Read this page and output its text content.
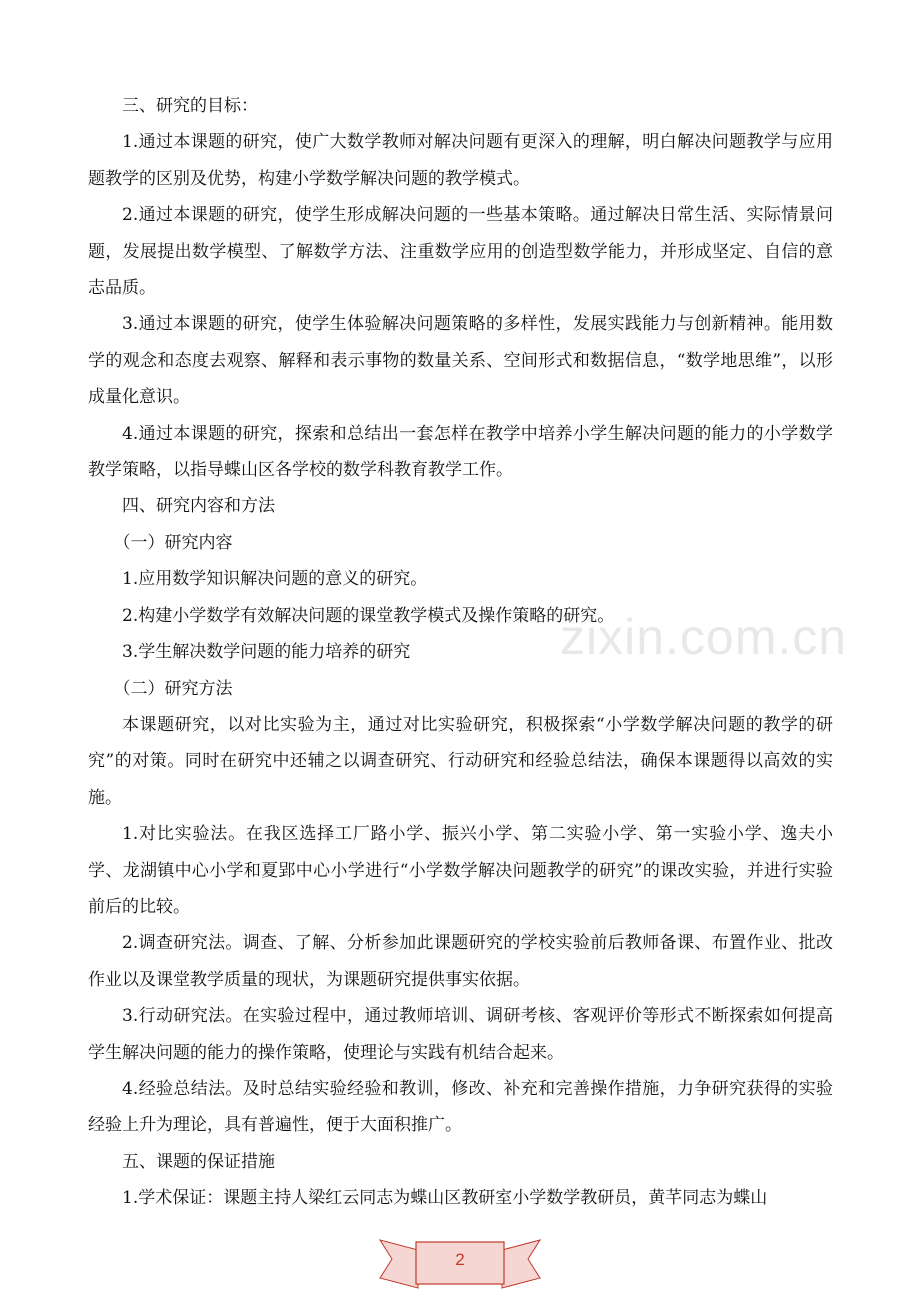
三、研究的目标：

1.通过本课题的研究，使广大数学教师对解决问题有更深入的理解，明白解决问题教学与应用题教学的区别及优势，构建小学数学解决问题的教学模式。

2.通过本课题的研究，使学生形成解决问题的一些基本策略。通过解决日常生活、实际情景问题，发展提出数学模型、了解数学方法、注重数学应用的创造型数学能力，并形成坚定、自信的意志品质。

3.通过本课题的研究，使学生体验解决问题策略的多样性，发展实践能力与创新精神。能用数学的观念和态度去观察、解释和表示事物的数量关系、空间形式和数据信息，“数学地思维”，以形成量化意识。

4.通过本课题的研究，探索和总结出一套怎样在教学中培养小学生解决问题的能力的小学数学教学策略，以指导蝶山区各学校的数学科教育教学工作。

四、研究内容和方法

（一）研究内容

1.应用数学知识解决问题的意义的研究。

2.构建小学数学有效解决问题的课堂教学模式及操作策略的研究。

3.学生解决数学问题的能力培养的研究

（二）研究方法

本课题研究，以对比实验为主，通过对比实验研究，积极探索“小学数学解决问题的教学的研究”的对策。同时在研究中还辅之以调查研究、行动研究和经验总结法，确保本课题得以高效的实施。

1.对比实验法。在我区选择工厂路小学、振兴小学、第二实验小学、第一实验小学、逸夫小学、龙湖镇中心小学和夏郢中心小学进行“小学数学解决问题教学的研究”的课改实验，并进行实验前后的比较。

2.调查研究法。调查、了解、分析参加此课题研究的学校实验前后教师备课、布置作业、批改作业以及课堂教学质量的现状，为课题研究提供事实依据。

3.行动研究法。在实验过程中，通过教师培训、调研考核、客观评价等形式不断探索如何提高学生解决问题的能力的操作策略，使理论与实践有机结合起来。

4.经验总结法。及时总结实验经验和教训，修改、补充和完善操作措施，力争研究获得的实验经验上升为理论，具有普遍性，便于大面积推广。

五、课题的保证措施

1.学术保证：课题主持人梁红云同志为蝶山区教研室小学数学教研员，黄芊同志为蝶山

zixin.com.cn
2
